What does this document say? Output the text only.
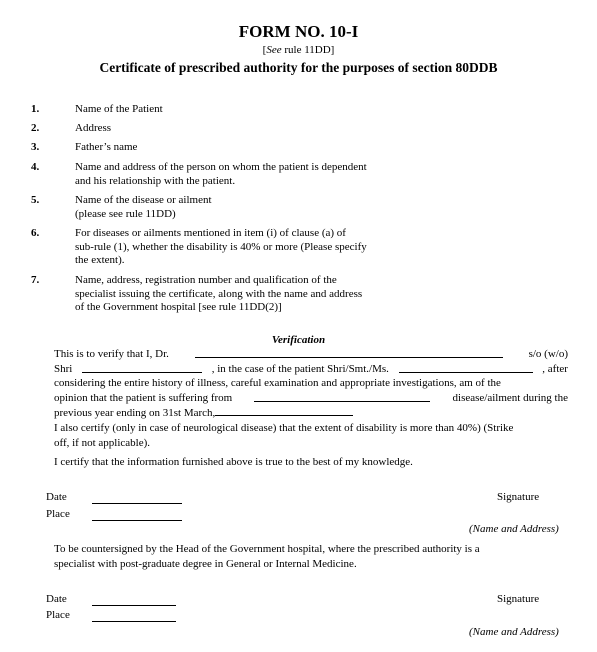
FORM NO. 10-I
[See rule 11DD]
Certificate of prescribed authority for the purposes of section 80DDB
1.	Name of the Patient
2.	Address
3.	Father’s name
4.	Name and address of the person on whom the patient is dependent
and his relationship with the patient.
5.	Name of the disease or ailment
(please see rule 11DD)
6.	For diseases or ailments mentioned in item (i) of clause (a) of
sub-rule (1), whether the disability is 40% or more (Please specify
the extent).
7.	Name, address, registration number and qualification of the
specialist issuing the certificate, along with the name and address
of the Government hospital [see rule 11DD(2)]
Verification
This is to verify that I, Dr.	s/o (w/o)
Shri	, in the case of the patient Shri/Smt./Ms.	, after
considering the entire history of illness, careful examination and appropriate investigations, am of the
opinion that the patient is suffering from	disease/ailment during the
previous year ending on 31st March,
I also certify (only in case of neurological disease) that the extent of disability is more than 40%) (Strike
off, if not applicable).
I certify that the information furnished above is true to the best of my knowledge.
Date
Place
Signature
(Name and Address)
To be countersigned by the Head of the Government hospital, where the prescribed authority is a
specialist with post-graduate degree in General or Internal Medicine.
Date
Place
Signature
(Name and Address)
